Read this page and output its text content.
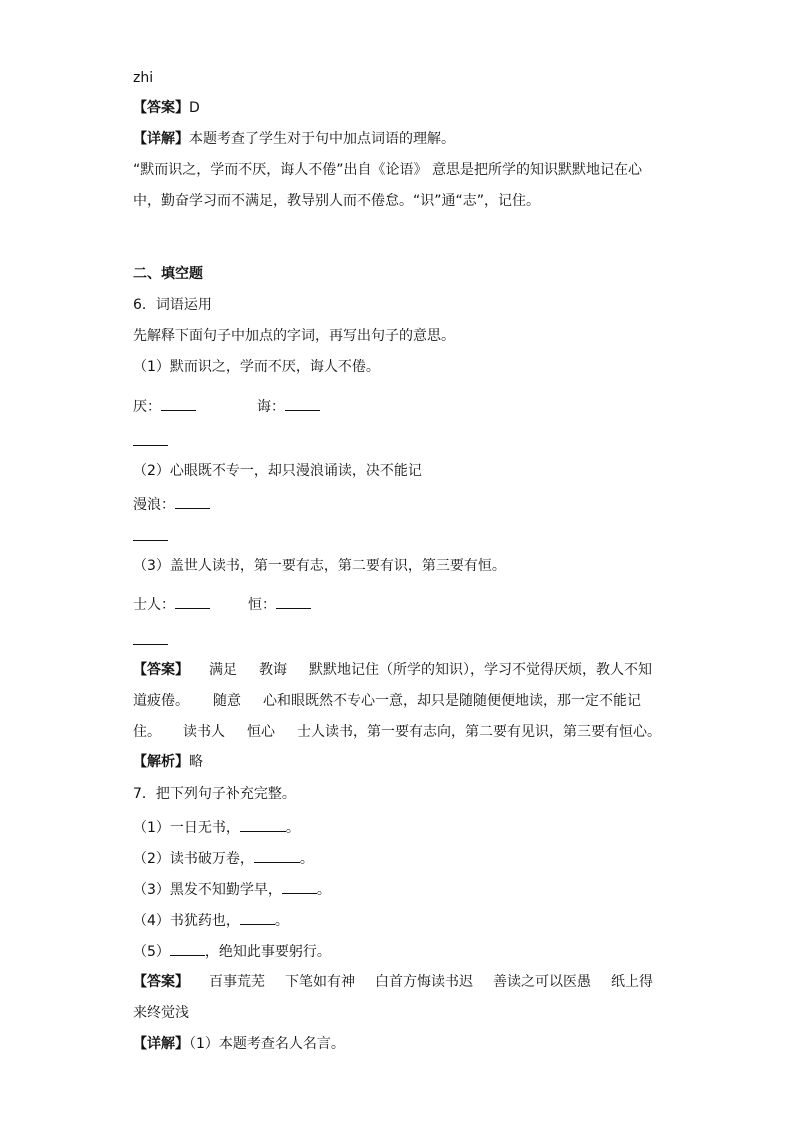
zhi
【答案】D
【详解】本题考查了学生对于句中加点词语的理解。
“默而识之，学而不厌，诲人不倦”出自《论语》 意思是把所学的知识默默地记在心
中，勤奋学习而不满足，教导别人而不倦怠。“识”通“志”，记住。
二、填空题
6．词语运用
先解释下面句子中加点的字词，再写出句子的意思。
（1）默而识之，学而不厌，诲人不倦。
厌：	诲：
（2）心眼既不专一，却只漫浪诵读，决不能记
漫浪：
（3）盖世人读书，第一要有志，第二要有识，第三要有恒。
士人：	恒：
【答案】 满足 教诲 默默地记住（所学的知识），学习不觉得厌烦，教人不知
道疲倦。 随意 心和眼既然不专心一意，却只是随随便便地读，那一定不能记
住。 读书人 恒心 士人读书，第一要有志向，第二要有见识，第三要有恒心。
【解析】略
7．把下列句子补充完整。
（1）一日无书，	。
（2）读书破万卷，	。
（3）黑发不知勤学早，	。
（4）书犹药也，	。
（5）	，绝知此事要躬行。
【答案】 百事荒芜 下笔如有神 白首方悔读书迟 善读之可以医愚 纸上得
来终觉浅
【详解】（1）本题考查名人名言。
